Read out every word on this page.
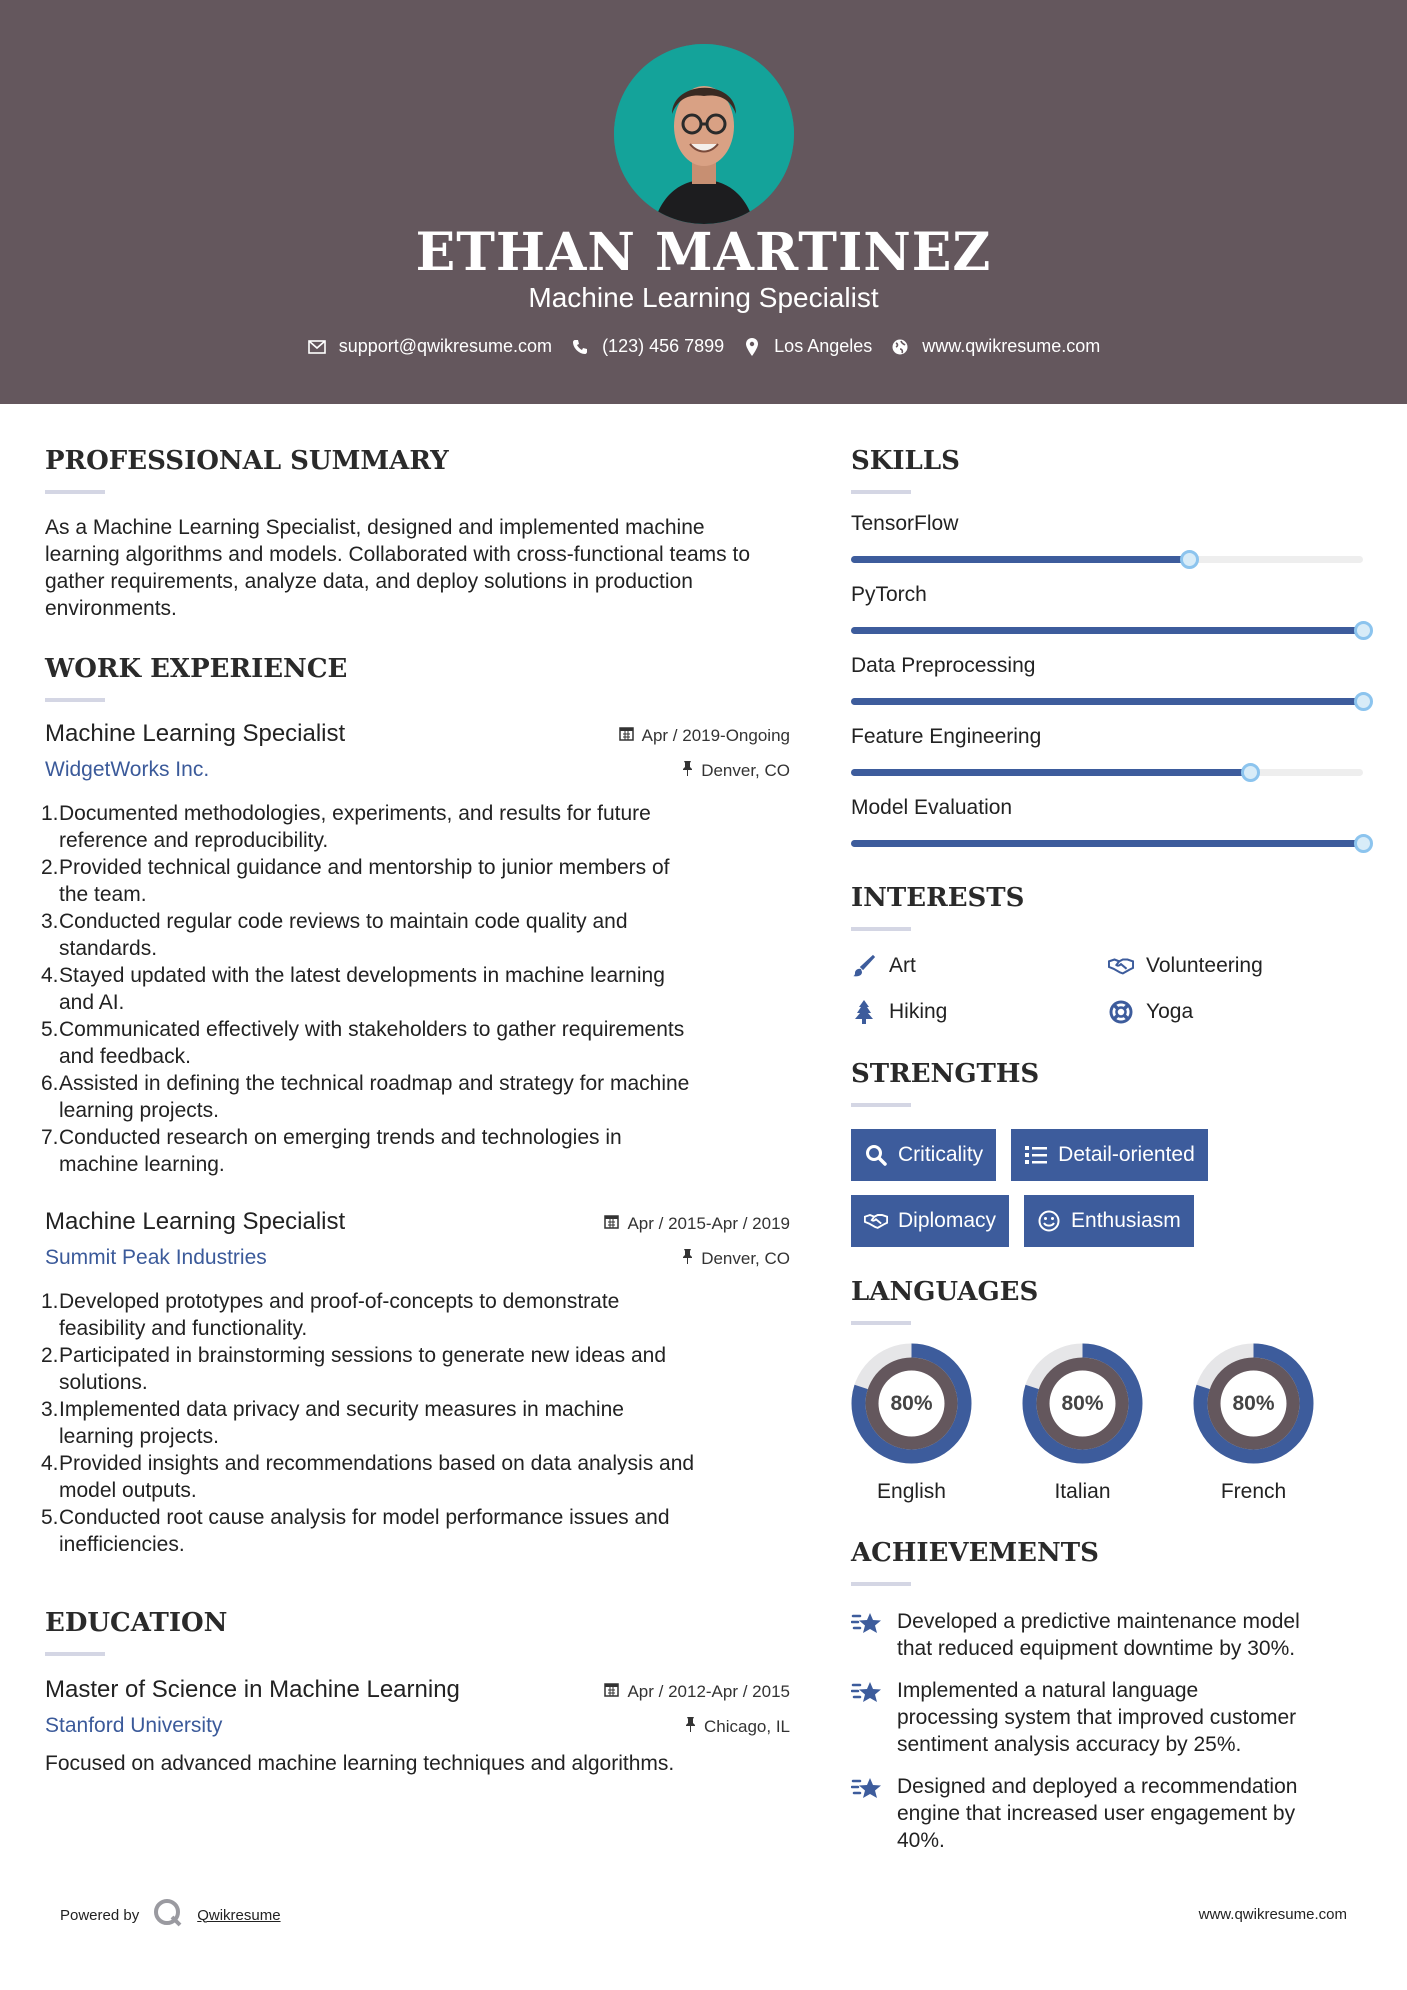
ETHAN MARTINEZ
Machine Learning Specialist
support@qwikresume.com	(123) 456 7899	Los Angeles	www.qwikresume.com
PROFESSIONAL SUMMARY
As a Machine Learning Specialist, designed and implemented machine learning algorithms and models. Collaborated with cross-functional teams to gather requirements, analyze data, and deploy solutions in production environments.
WORK EXPERIENCE
Machine Learning Specialist	Apr / 2019-Ongoing
WidgetWorks Inc.	Denver, CO
1. Documented methodologies, experiments, and results for future
reference and reproducibility.
2. Provided technical guidance and mentorship to junior members of
the team.
3. Conducted regular code reviews to maintain code quality and
standards.
4. Stayed updated with the latest developments in machine learning
and AI.
5. Communicated effectively with stakeholders to gather requirements
and feedback.
6. Assisted in defining the technical roadmap and strategy for machine
learning projects.
7. Conducted research on emerging trends and technologies in
machine learning.
Machine Learning Specialist	Apr / 2015-Apr / 2019
Summit Peak Industries	Denver, CO
1. Developed prototypes and proof-of-concepts to demonstrate
feasibility and functionality.
2. Participated in brainstorming sessions to generate new ideas and
solutions.
3. Implemented data privacy and security measures in machine
learning projects.
4. Provided insights and recommendations based on data analysis and
model outputs.
5. Conducted root cause analysis for model performance issues and
inefficiencies.
EDUCATION
Master of Science in Machine Learning	Apr / 2012-Apr / 2015
Stanford University	Chicago, IL
Focused on advanced machine learning techniques and algorithms.
SKILLS
TensorFlow
PyTorch
Data Preprocessing
Feature Engineering
Model Evaluation
INTERESTS
Art	Volunteering
Hiking	Yoga
STRENGTHS
Criticality	Detail-oriented
Diplomacy	Enthusiasm
LANGUAGES
80%
English
80%
Italian
80%
French
ACHIEVEMENTS
Developed a predictive maintenance model
that reduced equipment downtime by 30%.
Implemented a natural language
processing system that improved customer
sentiment analysis accuracy by 25%.
Designed and deployed a recommendation
engine that increased user engagement by
40%.
Powered by	Qwikresume	www.qwikresume.com
